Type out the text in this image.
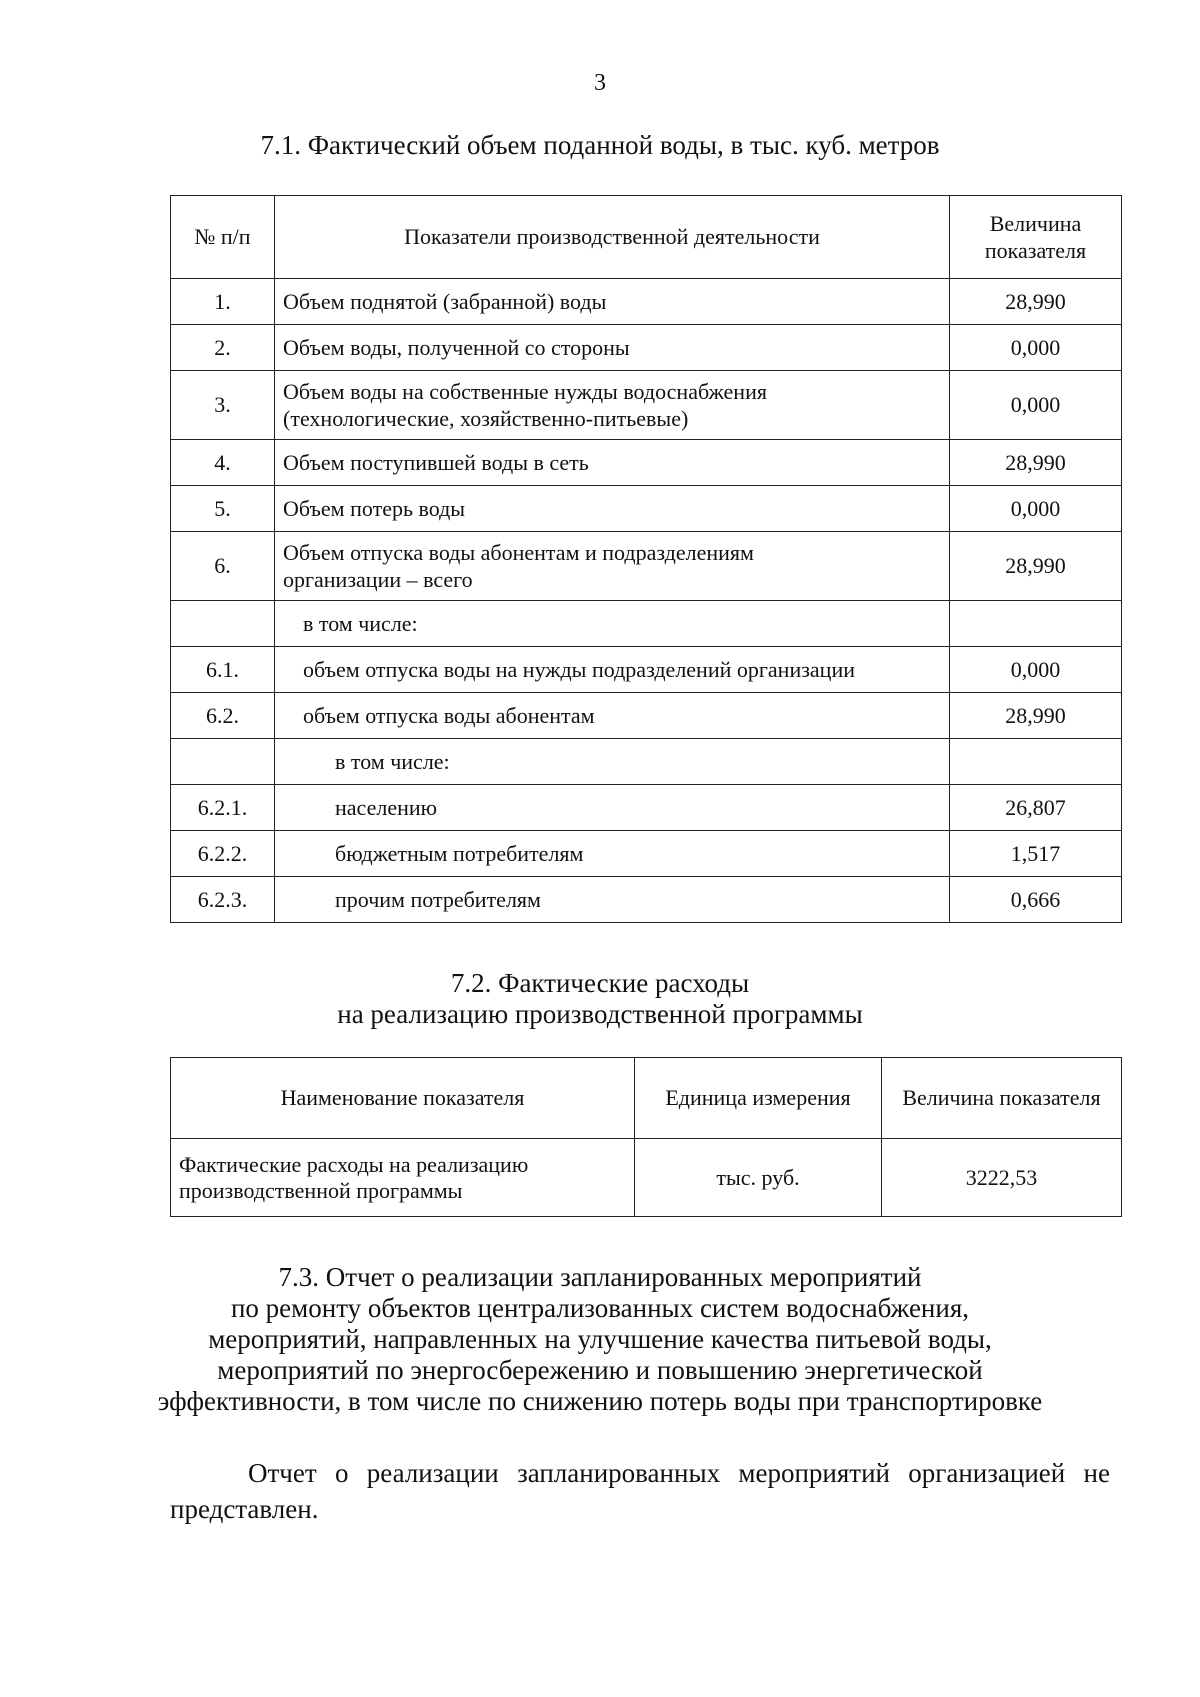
3
7.1. Фактический объем поданной воды, в тыс. куб. метров
№ п/п	Показатели производственной деятельности	Величина
показателя

1.	Объем поднятой (забранной) воды	28,990
2.	Объем воды, полученной со стороны	0,000
3.	Объем воды на собственные нужды водоснабжения
(технологические, хозяйственно-питьевые)	0,000
4.	Объем поступившей воды в сеть	28,990
5.	Объем потерь воды	0,000
6.	Объем отпуска воды абонентам и подразделениям
организации – всего	28,990

	в том числе:	

6.1.	объем отпуска воды на нужды подразделений организации	0,000
6.2.	объем отпуска воды абонентам	28,990

	в том числе:	

6.2.1.	населению	26,807
6.2.2.	бюджетным потребителям	1,517
6.2.3.	прочим потребителям	0,666
7.2. Фактические расходы
на реализацию производственной программы
Наименование показателя	Единица измерения	Величина показателя

Фактические расходы на реализацию
производственной программы	тыс. руб.	3222,53
7.3. Отчет о реализации запланированных мероприятий
по ремонту объектов централизованных систем водоснабжения,
мероприятий, направленных на улучшение качества питьевой воды,
мероприятий по энергосбережению и повышению энергетической
эффективности, в том числе по снижению потерь воды при транспортировке
Отчет о реализации запланированных мероприятий организацией не представлен.
